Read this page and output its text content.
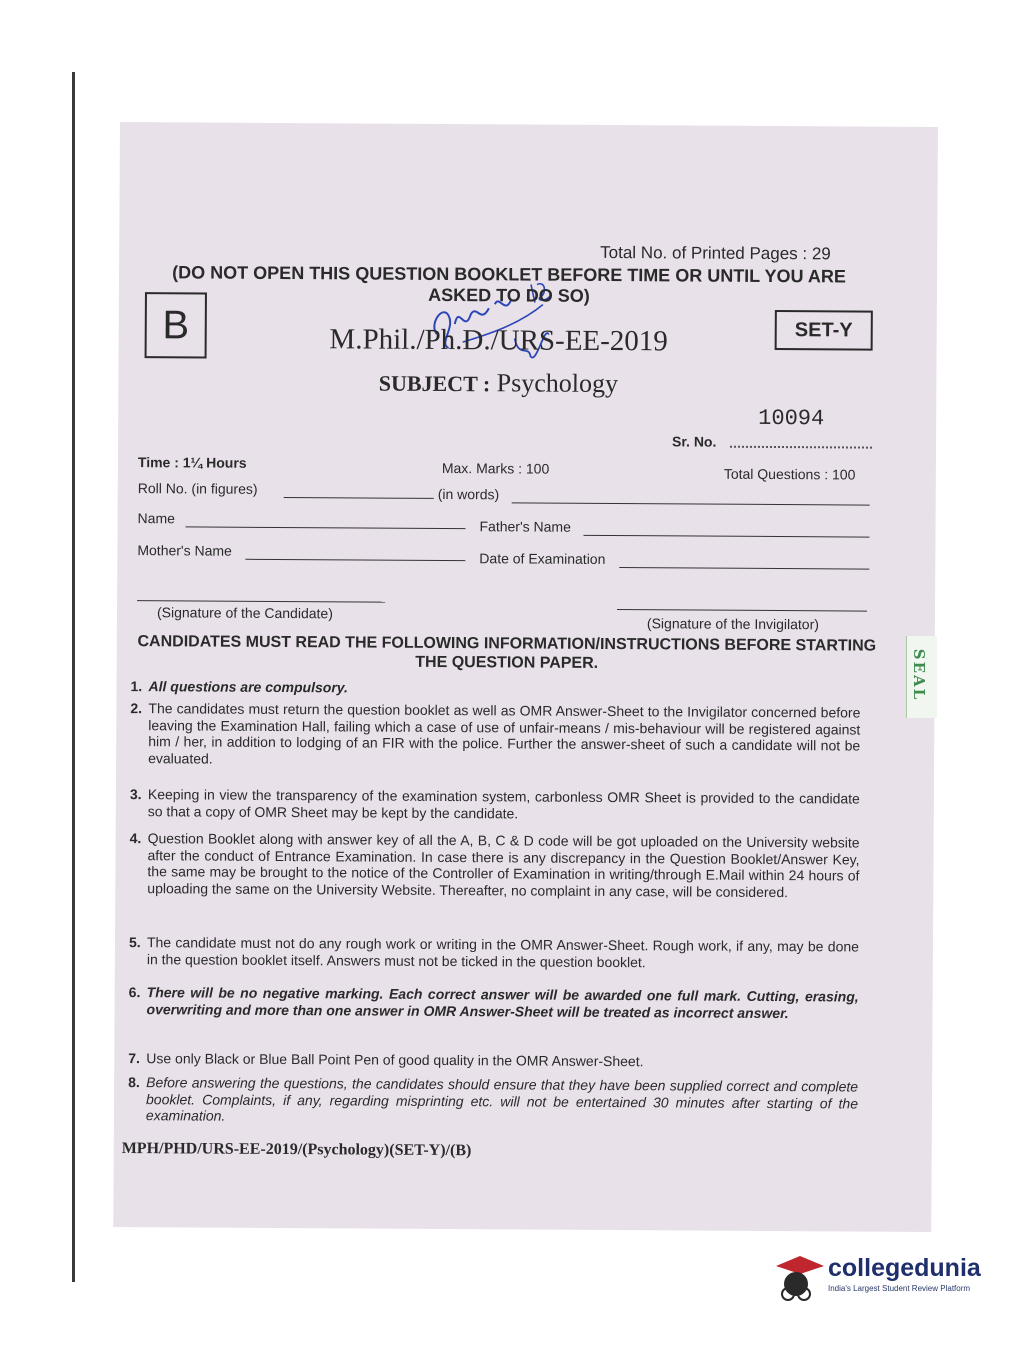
Total No. of Printed Pages : 29
(DO NOT OPEN THIS QUESTION BOOKLET BEFORE TIME OR UNTIL YOU ARE ASKED TO DO SO)
B	SET-Y
M.Phil./Ph.D./URS-EE-2019
SUBJECT : Psychology
10094
Sr. No.
Time : 1¼ Hours	Max. Marks : 100	Total Questions : 100
Roll No. (in figures)	(in words)
Name	Father's Name
Mother's Name	Date of Examination
(Signature of the Candidate)
(Signature of the Invigilator)
CANDIDATES MUST READ THE FOLLOWING INFORMATION/INSTRUCTIONS BEFORE STARTING THE QUESTION PAPER.
1. All questions are compulsory.
2. The candidates must return the question booklet as well as OMR Answer-Sheet to the Invigilator concerned before leaving the Examination Hall, failing which a case of use of unfair-means / mis-behaviour will be registered against him / her, in addition to lodging of an FIR with the police. Further the answer-sheet of such a candidate will not be evaluated.
3. Keeping in view the transparency of the examination system, carbonless OMR Sheet is provided to the candidate so that a copy of OMR Sheet may be kept by the candidate.
4. Question Booklet along with answer key of all the A, B, C & D code will be got uploaded on the University website after the conduct of Entrance Examination. In case there is any discrepancy in the Question Booklet/Answer Key, the same may be brought to the notice of the Controller of Examination in writing/through E.Mail within 24 hours of uploading the same on the University Website. Thereafter, no complaint in any case, will be considered.
5. The candidate must not do any rough work or writing in the OMR Answer-Sheet. Rough work, if any, may be done in the question booklet itself. Answers must not be ticked in the question booklet.
6. There will be no negative marking. Each correct answer will be awarded one full mark. Cutting, erasing, overwriting and more than one answer in OMR Answer-Sheet will be treated as incorrect answer.
7. Use only Black or Blue Ball Point Pen of good quality in the OMR Answer-Sheet.
8. Before answering the questions, the candidates should ensure that they have been supplied correct and complete booklet. Complaints, if any, regarding misprinting etc. will not be entertained 30 minutes after starting of the examination.
MPH/PHD/URS-EE-2019/(Psychology)(SET-Y)/(B)
SEAL
collegedunia
India's Largest Student Review Platform
